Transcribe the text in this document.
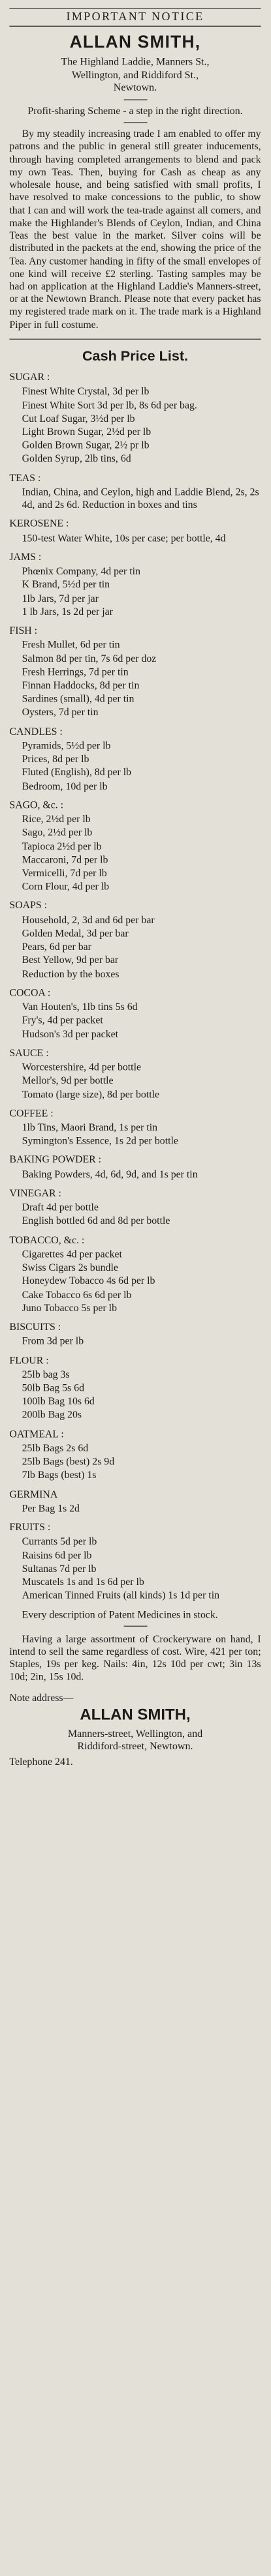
IMPORTANT NOTICE
ALLAN SMITH,
The Highland Laddie, Manners St.,
Wellington, and Riddiford St.,
Newtown.

Profit-sharing Scheme - a step in the right direction.

By my steadily increasing trade I am enabled to offer my patrons and the public in general still greater inducements, through having completed arrangements to blend and pack my own Teas. Then, buying for Cash as cheap as any wholesale house, and being satisfied with small profits, I have resolved to make concessions to the public, to show that I can and will work the tea-trade against all comers, and make the Highlander's Blends of Ceylon, Indian, and China Teas the best value in the market. Silver coins will be distributed in the packets at the end, showing the price of the Tea. Any customer handing in fifty of the small envelopes of one kind will receive £2 sterling. Tasting samples may be had on application at the Highland Laddie's Manners-street, or at the Newtown Branch. Please note that every packet has my registered trade mark on it. The trade mark is a Highland Piper in full costume.

Cash Price List.
SUGAR :
Finest White Crystal, 3d per lb
Finest White Sort 3d per lb, 8s 6d per bag.
Cut Loaf Sugar, 3½d per lb
Light Brown Sugar, 2½d per lb
Golden Brown Sugar, 2½ pr lb
Golden Syrup, 2lb tins, 6d
TEAS :
Indian, China, and Ceylon, high and Laddie Blend, 2s, 2s 4d, and 2s 6d. Reduction in boxes and tins
KEROSENE :
150-test Water White, 10s per case; per bottle, 4d
JAMS :
Phœnix Company, 4d per tin
K Brand, 5½d per tin
1lb Jars, 7d per jar
1 lb Jars, 1s 2d per jar
FISH :
Fresh Mullet, 6d per tin
Salmon 8d per tin, 7s 6d per doz
Fresh Herrings, 7d per tin
Finnan Haddocks, 8d per tin
Sardines (small), 4d per tin
Oysters, 7d per tin
CANDLES :
Pyramids, 5½d per lb
Prices, 8d per lb
Fluted (English), 8d per lb
Bedroom, 10d per lb
SAGO, &c. :
Rice, 2½d per lb
Sago, 2½d per lb
Tapioca 2½d per lb
Maccaroni, 7d per lb
Vermicelli, 7d per lb
Corn Flour, 4d per lb
SOAPS :
Household, 2, 3d and 6d per bar
Golden Medal, 3d per bar
Pears, 6d per bar
Best Yellow, 9d per bar
Reduction by the boxes
COCOA :
Van Houten's, 1lb tins 5s 6d
Fry's, 4d per packet
Hudson's 3d per packet
SAUCE :
Worcestershire, 4d per bottle
Mellor's, 9d per bottle
Tomato (large size), 8d per bottle
COFFEE :
1lb Tins, Maori Brand, 1s per tin
Symington's Essence, 1s 2d per bottle
BAKING POWDER :
Baking Powders, 4d, 6d, 9d, and 1s per tin
VINEGAR :
Draft 4d per bottle
English bottled 6d and 8d per bottle
TOBACCO, &c. :
Cigarettes 4d per packet
Swiss Cigars 2s bundle
Honeydew Tobacco 4s 6d per lb
Cake Tobacco 6s 6d per lb
Juno Tobacco 5s per lb
BISCUITS :
From 3d per lb
FLOUR :
25lb bag 3s
50lb Bag 5s 6d
100lb Bag 10s 6d
200lb Bag 20s
OATMEAL :
25lb Bags 2s 6d
25lb Bags (best) 2s 9d
7lb Bags (best) 1s
GERMINA
Per Bag 1s 2d
FRUITS :
Currants 5d per lb
Raisins 6d per lb
Sultanas 7d per lb
Muscatels 1s and 1s 6d per lb
American Tinned Fruits (all kinds) 1s 1d per tin

Every description of Patent Medicines in stock.

Having a large assortment of Crockeryware on hand, I intend to sell the same regardless of cost. Wire, 421 per ton; Staples, 19s per keg. Nails: 4in, 12s 10d per cwt; 3in 13s 10d; 2in, 15s 10d.

Note address—
ALLAN SMITH,
Manners-street, Wellington, and
Riddiford-street, Newtown.
Telephone 241.
